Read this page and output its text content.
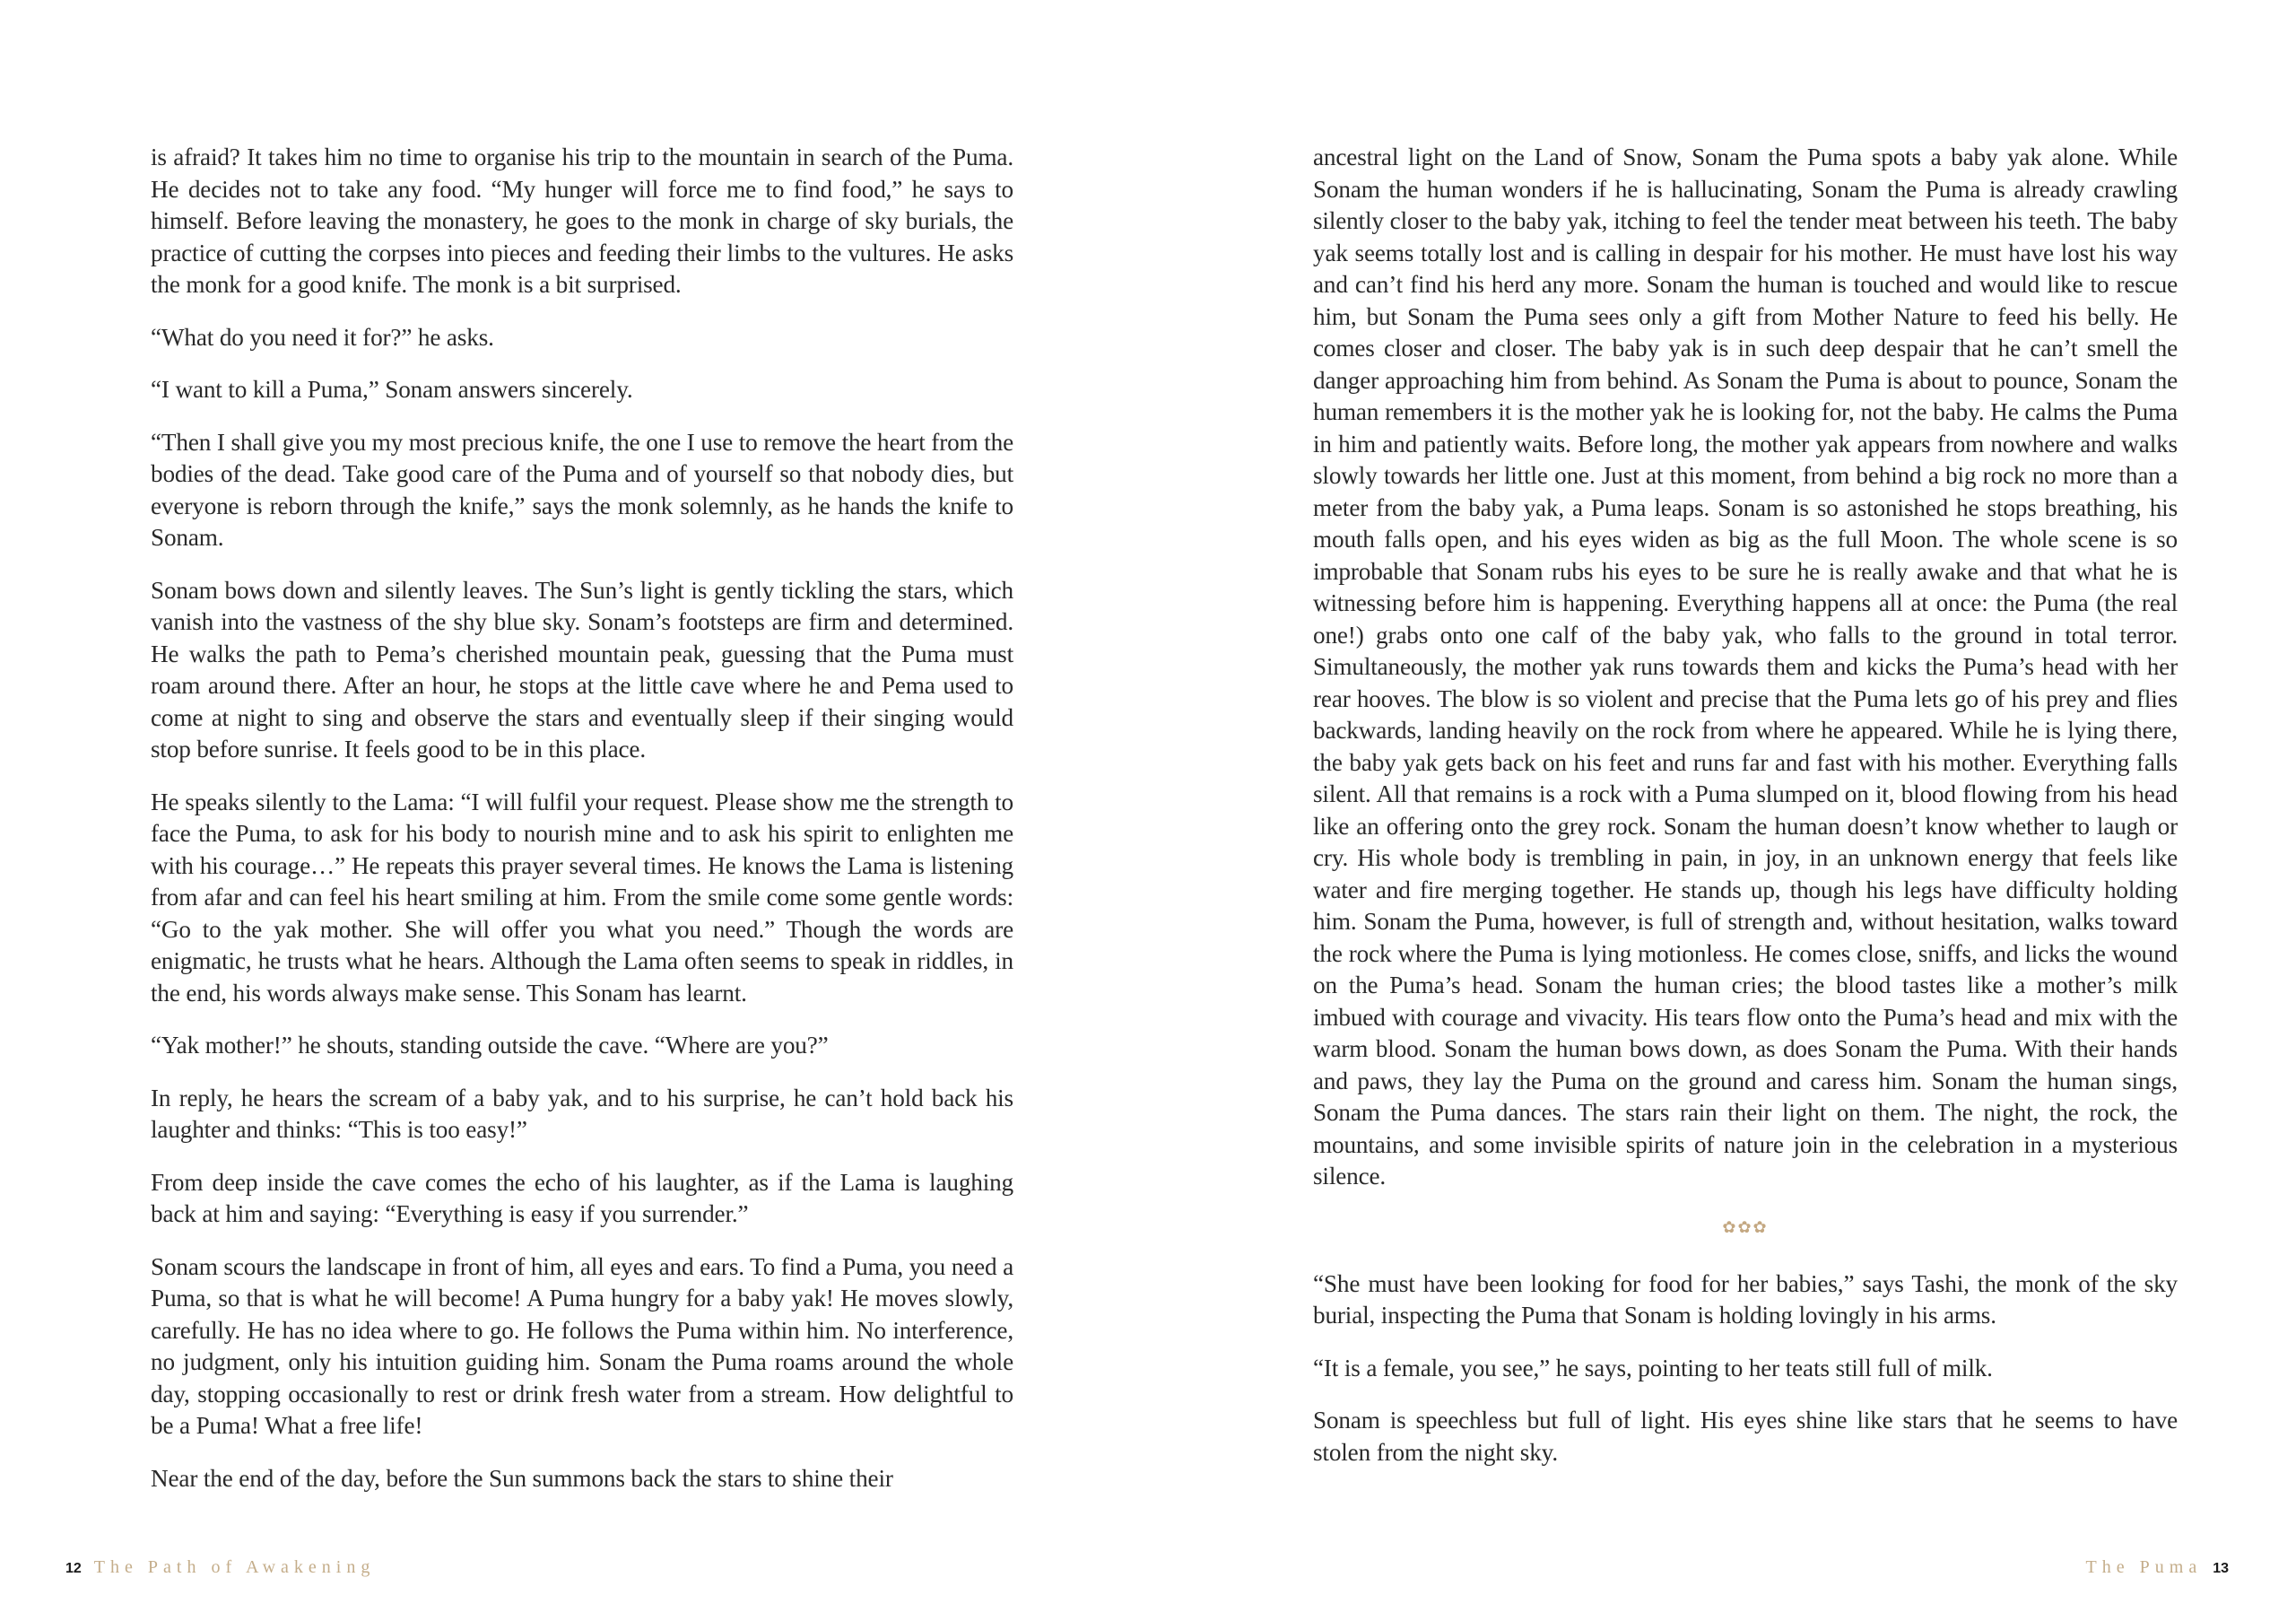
is afraid? It takes him no time to organise his trip to the mountain in search of the Puma. He decides not to take any food. “My hunger will force me to find food,” he says to himself. Before leaving the monastery, he goes to the monk in charge of sky burials, the practice of cutting the corpses into pieces and feeding their limbs to the vultures. He asks the monk for a good knife. The monk is a bit surprised.

“What do you need it for?” he asks.

“I want to kill a Puma,” Sonam answers sincerely.

“Then I shall give you my most precious knife, the one I use to remove the heart from the bodies of the dead. Take good care of the Puma and of yourself so that nobody dies, but everyone is reborn through the knife,” says the monk solemnly, as he hands the knife to Sonam.

Sonam bows down and silently leaves. The Sun’s light is gently tickling the stars, which vanish into the vastness of the shy blue sky. Sonam’s footsteps are firm and determined. He walks the path to Pema’s cherished mountain peak, guessing that the Puma must roam around there. After an hour, he stops at the little cave where he and Pema used to come at night to sing and observe the stars and eventually sleep if their singing would stop before sunrise. It feels good to be in this place.

He speaks silently to the Lama: “I will fulfil your request. Please show me the strength to face the Puma, to ask for his body to nourish mine and to ask his spirit to enlighten me with his courage…” He repeats this prayer several times. He knows the Lama is listening from afar and can feel his heart smiling at him. From the smile come some gentle words: “Go to the yak mother. She will offer you what you need.” Though the words are enigmatic, he trusts what he hears. Although the Lama often seems to speak in riddles, in the end, his words always make sense. This Sonam has learnt.

“Yak mother!” he shouts, standing outside the cave. “Where are you?”

In reply, he hears the scream of a baby yak, and to his surprise, he can’t hold back his laughter and thinks: “This is too easy!”

From deep inside the cave comes the echo of his laughter, as if the Lama is laughing back at him and saying: “Everything is easy if you surrender.”

Sonam scours the landscape in front of him, all eyes and ears. To find a Puma, you need a Puma, so that is what he will become! A Puma hungry for a baby yak! He moves slowly, carefully. He has no idea where to go. He follows the Puma within him. No interference, no judgment, only his intuition guiding him. Sonam the Puma roams around the whole day, stopping occasionally to rest or drink fresh water from a stream. How delightful to be a Puma! What a free life!

Near the end of the day, before the Sun summons back the stars to shine their

12 The Path of Awakening

ancestral light on the Land of Snow, Sonam the Puma spots a baby yak alone. While Sonam the human wonders if he is hallucinating, Sonam the Puma is already crawling silently closer to the baby yak, itching to feel the tender meat between his teeth. The baby yak seems totally lost and is calling in despair for his mother. He must have lost his way and can’t find his herd any more. Sonam the human is touched and would like to rescue him, but Sonam the Puma sees only a gift from Mother Nature to feed his belly. He comes closer and closer. The baby yak is in such deep despair that he can’t smell the danger approaching him from behind. As Sonam the Puma is about to pounce, Sonam the human remembers it is the mother yak he is looking for, not the baby. He calms the Puma in him and patiently waits. Before long, the mother yak appears from nowhere and walks slowly towards her little one. Just at this moment, from behind a big rock no more than a meter from the baby yak, a Puma leaps. Sonam is so astonished he stops breathing, his mouth falls open, and his eyes widen as big as the full Moon. The whole scene is so improbable that Sonam rubs his eyes to be sure he is really awake and that what he is witnessing before him is happening. Everything happens all at once: the Puma (the real one!) grabs onto one calf of the baby yak, who falls to the ground in total terror. Simultaneously, the mother yak runs towards them and kicks the Puma’s head with her rear hooves. The blow is so violent and precise that the Puma lets go of his prey and flies backwards, landing heavily on the rock from where he appeared. While he is lying there, the baby yak gets back on his feet and runs far and fast with his mother. Everything falls silent. All that remains is a rock with a Puma slumped on it, blood flowing from his head like an offering onto the grey rock. Sonam the human doesn’t know whether to laugh or cry. His whole body is trembling in pain, in joy, in an unknown energy that feels like water and fire merging together. He stands up, though his legs have difficulty holding him. Sonam the Puma, however, is full of strength and, without hesitation, walks toward the rock where the Puma is lying motionless. He comes close, sniffs, and licks the wound on the Puma’s head. Sonam the human cries; the blood tastes like a mother’s milk imbued with courage and vivacity. His tears flow onto the Puma’s head and mix with the warm blood. Sonam the human bows down, as does Sonam the Puma. With their hands and paws, they lay the Puma on the ground and caress him. Sonam the human sings, Sonam the Puma dances. The stars rain their light on them. The night, the rock, the mountains, and some invisible spirits of nature join in the celebration in a mysterious silence.

✿✿✿

“She must have been looking for food for her babies,” says Tashi, the monk of the sky burial, inspecting the Puma that Sonam is holding lovingly in his arms.

“It is a female, you see,” he says, pointing to her teats still full of milk.

Sonam is speechless but full of light. His eyes shine like stars that he seems to have stolen from the night sky.

The Puma 13
